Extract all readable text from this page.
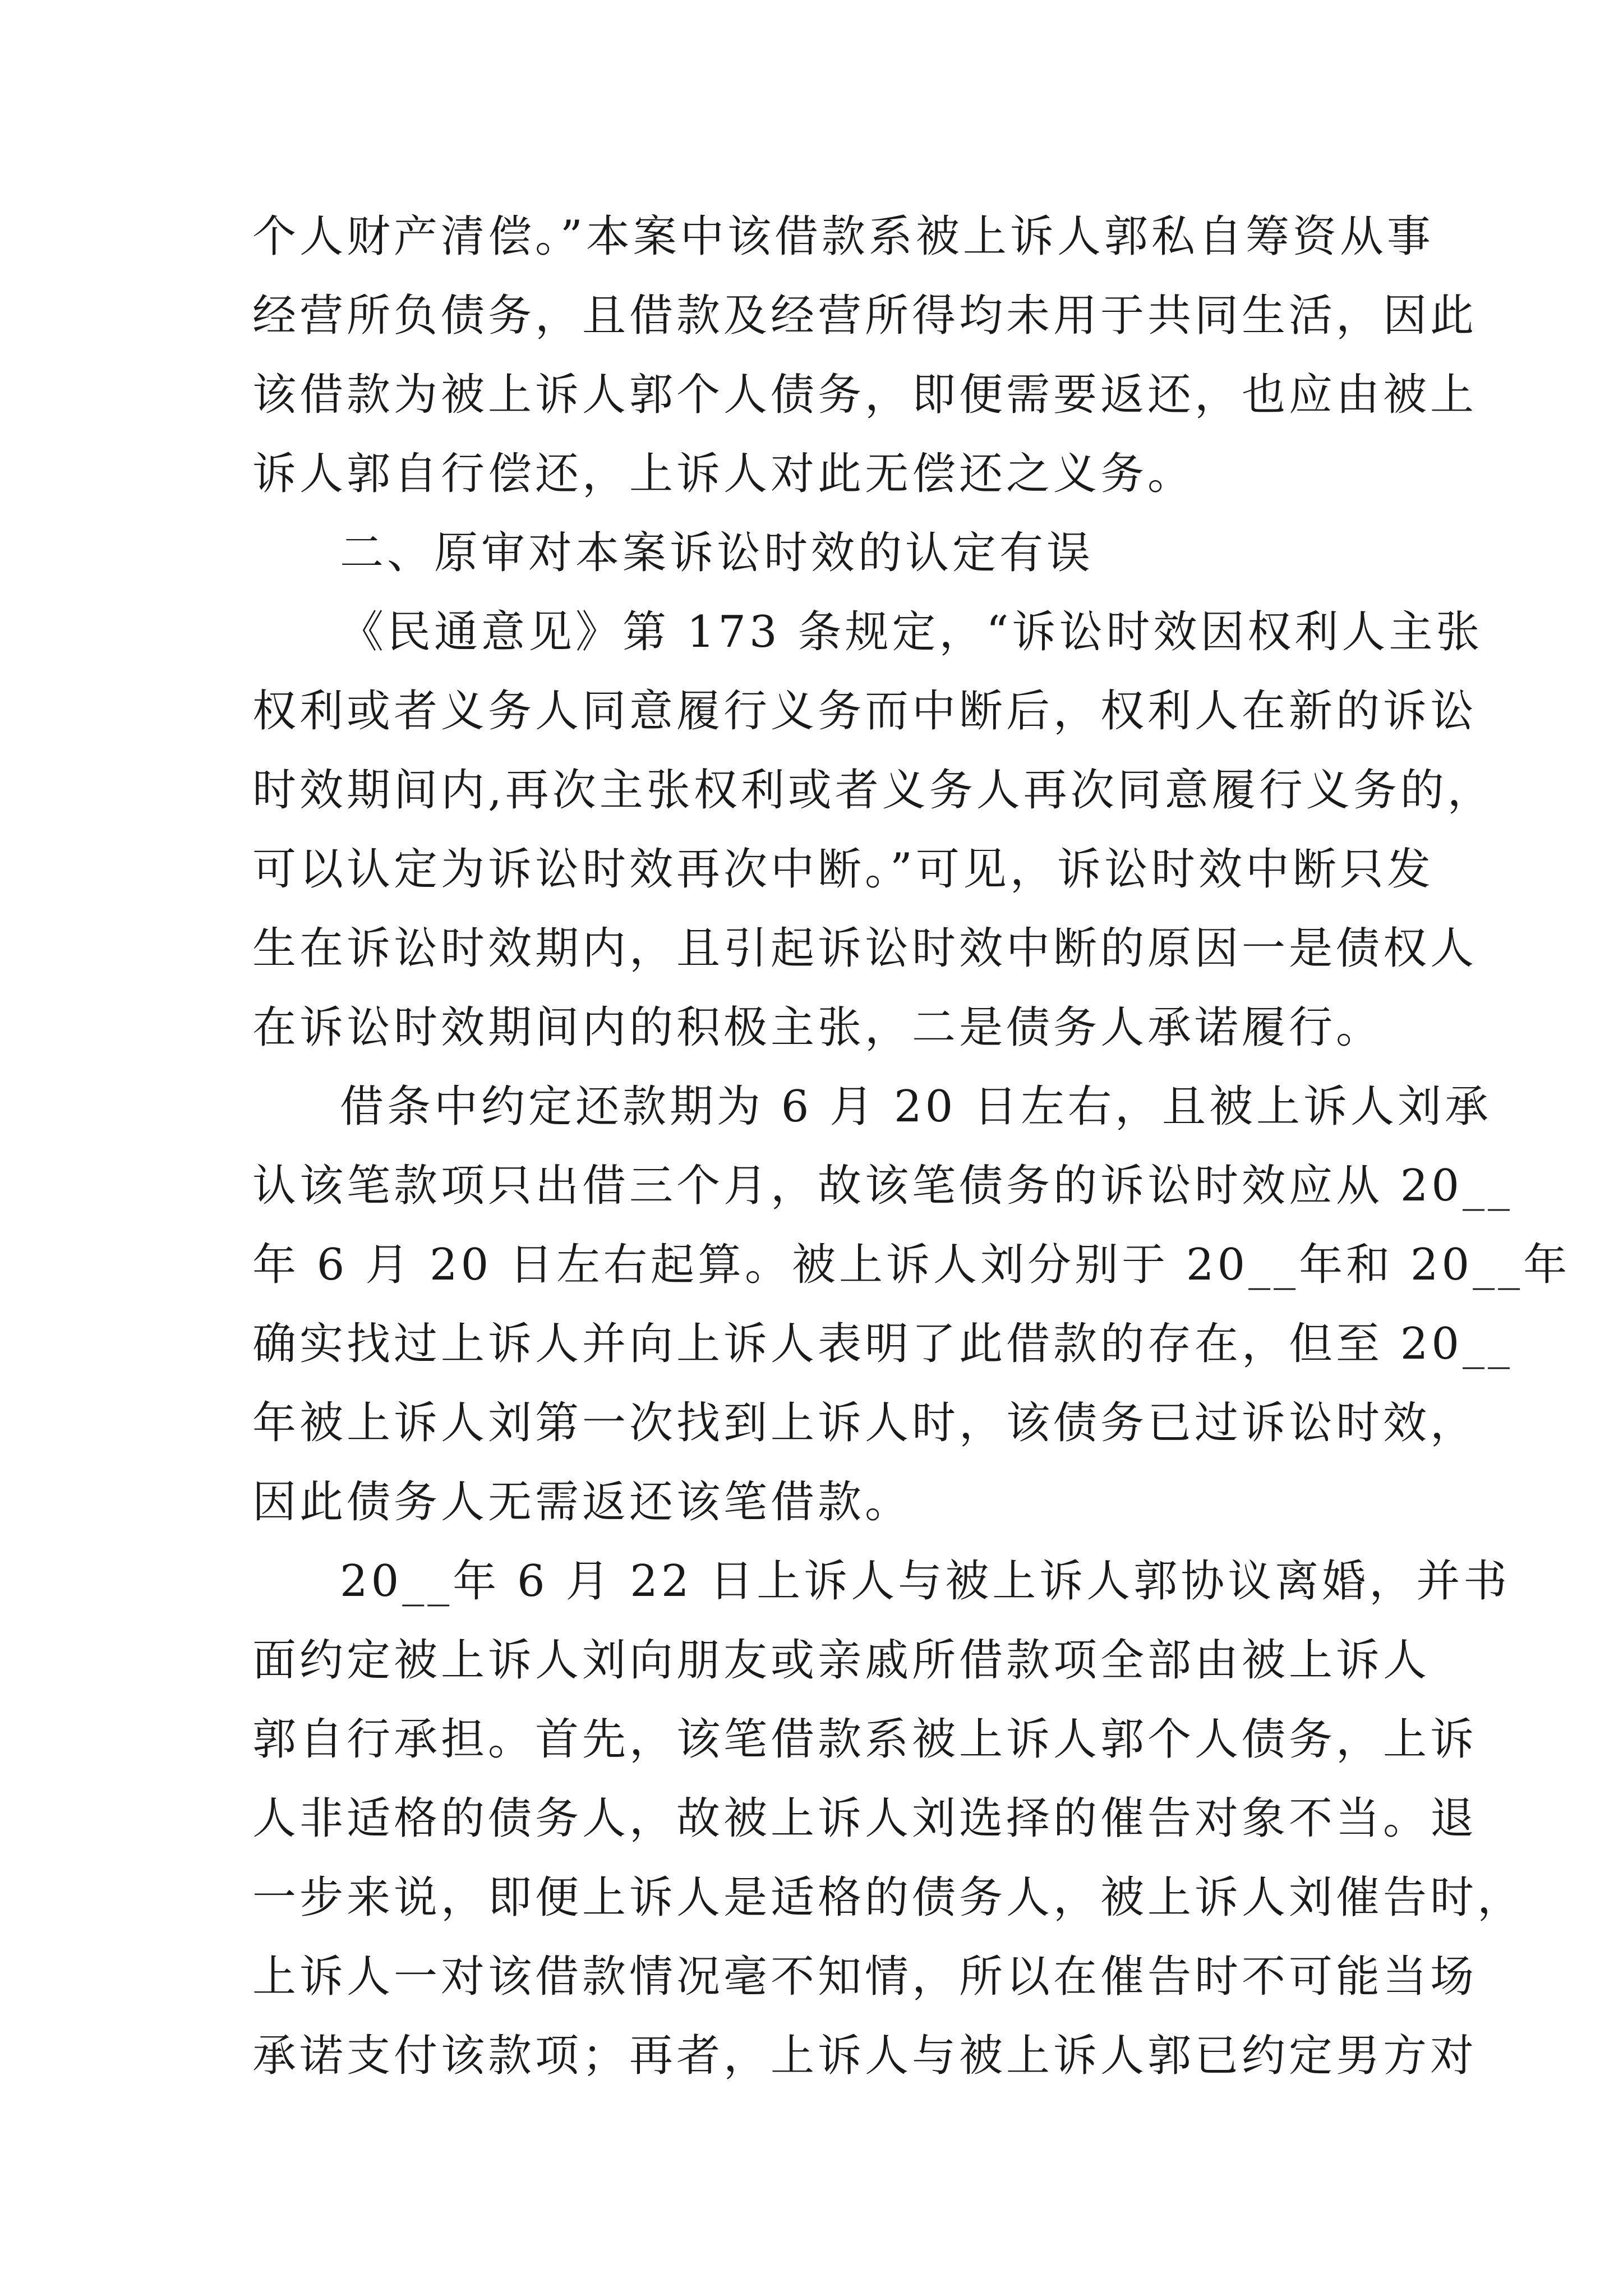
个人财产清偿。”本案中该借款系被上诉人郭私自筹资从事
经营所负债务，且借款及经营所得均未用于共同生活，因此
该借款为被上诉人郭个人债务，即便需要返还，也应由被上
诉人郭自行偿还，上诉人对此无偿还之义务。
二、原审对本案诉讼时效的认定有误
《民通意见》第 173 条规定，“诉讼时效因权利人主张
权利或者义务人同意履行义务而中断后，权利人在新的诉讼
时效期间内,再次主张权利或者义务人再次同意履行义务的，
可以认定为诉讼时效再次中断。”可见，诉讼时效中断只发
生在诉讼时效期内，且引起诉讼时效中断的原因一是债权人
在诉讼时效期间内的积极主张，二是债务人承诺履行。
借条中约定还款期为 6 月 20 日左右，且被上诉人刘承
认该笔款项只出借三个月，故该笔债务的诉讼时效应从 20__
年 6 月 20 日左右起算。被上诉人刘分别于 20__年和 20__年
确实找过上诉人并向上诉人表明了此借款的存在，但至 20__
年被上诉人刘第一次找到上诉人时，该债务已过诉讼时效，
因此债务人无需返还该笔借款。
20__年 6 月 22 日上诉人与被上诉人郭协议离婚，并书
面约定被上诉人刘向朋友或亲戚所借款项全部由被上诉人
郭自行承担。首先，该笔借款系被上诉人郭个人债务，上诉
人非适格的债务人，故被上诉人刘选择的催告对象不当。退
一步来说，即便上诉人是适格的债务人，被上诉人刘催告时，
上诉人一对该借款情况毫不知情，所以在催告时不可能当场
承诺支付该款项；再者，上诉人与被上诉人郭已约定男方对
